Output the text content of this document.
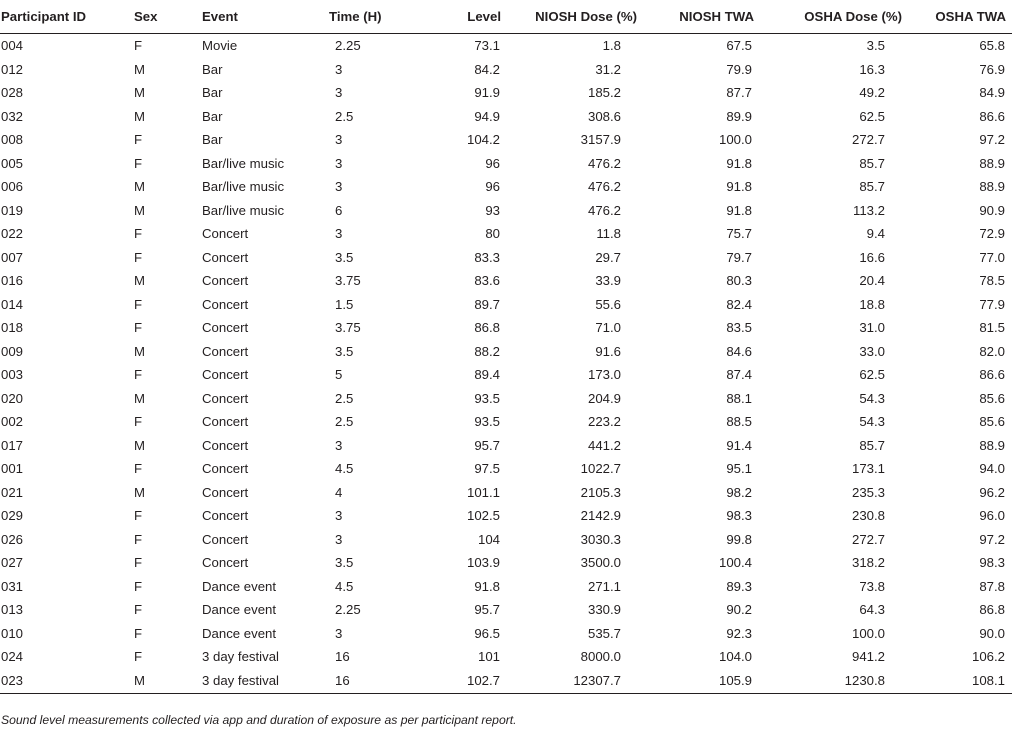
Participant ID	Sex	Event	Time (H)	Level	NIOSH Dose (%)	NIOSH TWA	OSHA Dose (%)	OSHA TWA
004	F	Movie	2.25	73.1	1.8	67.5	3.5	65.8
012	M	Bar	3	84.2	31.2	79.9	16.3	76.9
028	M	Bar	3	91.9	185.2	87.7	49.2	84.9
032	M	Bar	2.5	94.9	308.6	89.9	62.5	86.6
008	F	Bar	3	104.2	3157.9	100.0	272.7	97.2
005	F	Bar/live music	3	96	476.2	91.8	85.7	88.9
006	M	Bar/live music	3	96	476.2	91.8	85.7	88.9
019	M	Bar/live music	6	93	476.2	91.8	113.2	90.9
022	F	Concert	3	80	11.8	75.7	9.4	72.9
007	F	Concert	3.5	83.3	29.7	79.7	16.6	77.0
016	M	Concert	3.75	83.6	33.9	80.3	20.4	78.5
014	F	Concert	1.5	89.7	55.6	82.4	18.8	77.9
018	F	Concert	3.75	86.8	71.0	83.5	31.0	81.5
009	M	Concert	3.5	88.2	91.6	84.6	33.0	82.0
003	F	Concert	5	89.4	173.0	87.4	62.5	86.6
020	M	Concert	2.5	93.5	204.9	88.1	54.3	85.6
002	F	Concert	2.5	93.5	223.2	88.5	54.3	85.6
017	M	Concert	3	95.7	441.2	91.4	85.7	88.9
001	F	Concert	4.5	97.5	1022.7	95.1	173.1	94.0
021	M	Concert	4	101.1	2105.3	98.2	235.3	96.2
029	F	Concert	3	102.5	2142.9	98.3	230.8	96.0
026	F	Concert	3	104	3030.3	99.8	272.7	97.2
027	F	Concert	3.5	103.9	3500.0	100.4	318.2	98.3
031	F	Dance event	4.5	91.8	271.1	89.3	73.8	87.8
013	F	Dance event	2.25	95.7	330.9	90.2	64.3	86.8
010	F	Dance event	3	96.5	535.7	92.3	100.0	90.0
024	F	3 day festival	16	101	8000.0	104.0	941.2	106.2
023	M	3 day festival	16	102.7	12307.7	105.9	1230.8	108.1
Sound level measurements collected via app and duration of exposure as per participant report.
